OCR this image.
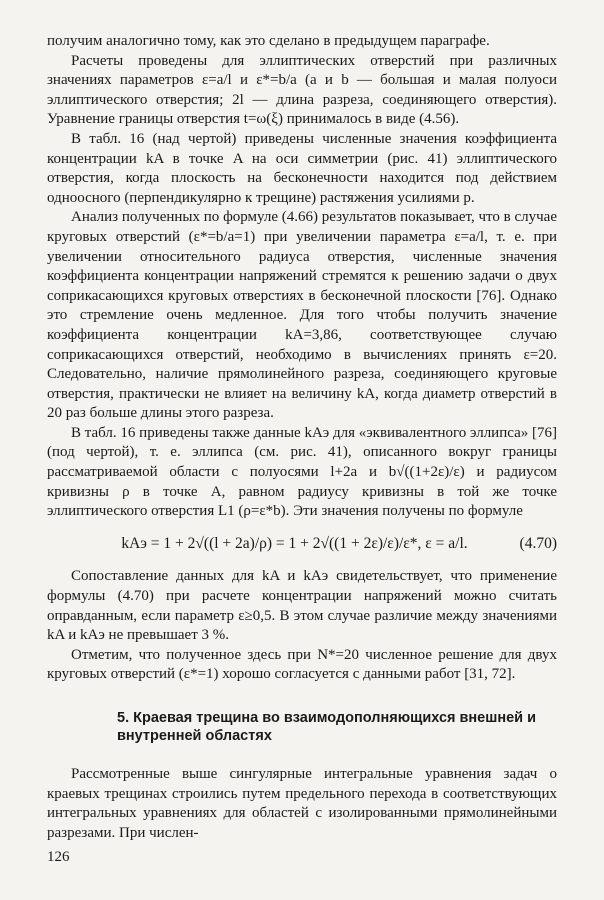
получим аналогично тому, как это сделано в предыдущем параграфе.

Расчеты проведены для эллиптических отверстий при различных значениях параметров ε=a/l и ε*=b/a (a и b — большая и малая полуоси эллиптического отверстия; 2l — длина разреза, соединяющего отверстия). Уравнение границы отверстия t=ω(ξ) принималось в виде (4.56).

В табл. 16 (над чертой) приведены численные значения коэффициента концентрации kA в точке A на оси симметрии (рис. 41) эллиптического отверстия, когда плоскость на бесконечности находится под действием одноосного (перпендикулярно к трещине) растяжения усилиями p.

Анализ полученных по формуле (4.66) результатов показывает, что в случае круговых отверстий (ε*=b/a=1) при увеличении параметра ε=a/l, т. е. при увеличении относительного радиуса отверстия, численные значения коэффициента концентрации напряжений стремятся к решению задачи о двух соприкасающихся круговых отверстиях в бесконечной плоскости [76]. Однако это стремление очень медленное. Для того чтобы получить значение коэффициента концентрации kA=3,86, соответствующее случаю соприкасающихся отверстий, необходимо в вычислениях принять ε=20. Следовательно, наличие прямолинейного разреза, соединяющего круговые отверстия, практически не влияет на величину kA, когда диаметр отверстий в 20 раз больше длины этого разреза.

В табл. 16 приведены также данные kAэ для «эквивалентного эллипса» [76] (под чертой), т. е. эллипса (см. рис. 41), описанного вокруг границы рассматриваемой области с полуосями l+2a и b√((1+2ε)/ε) и радиусом кривизны ρ в точке A, равном радиусу кривизны в той же точке эллиптического отверстия L1 (ρ=ε*b). Эти значения получены по формуле

kAэ = 1 + 2√((l + 2a)/ρ) = 1 + 2√((1 + 2ε)/ε)/ε*, ε = a/l.	(4.70)

Сопоставление данных для kA и kAэ свидетельствует, что применение формулы (4.70) при расчете концентрации напряжений можно считать оправданным, если параметр ε≥0,5. В этом случае различие между значениями kA и kAэ не превышает 3 %.

Отметим, что полученное здесь при N*=20 численное решение для двух круговых отверстий (ε*=1) хорошо согласуется с данными работ [31, 72].

5. Краевая трещина во взаимодополняющихся внешней и внутренней областях

Рассмотренные выше сингулярные интегральные уравнения задач о краевых трещинах строились путем предельного перехода в соответствующих интегральных уравнениях для областей с изолированными прямолинейными разрезами. При числен-

126
